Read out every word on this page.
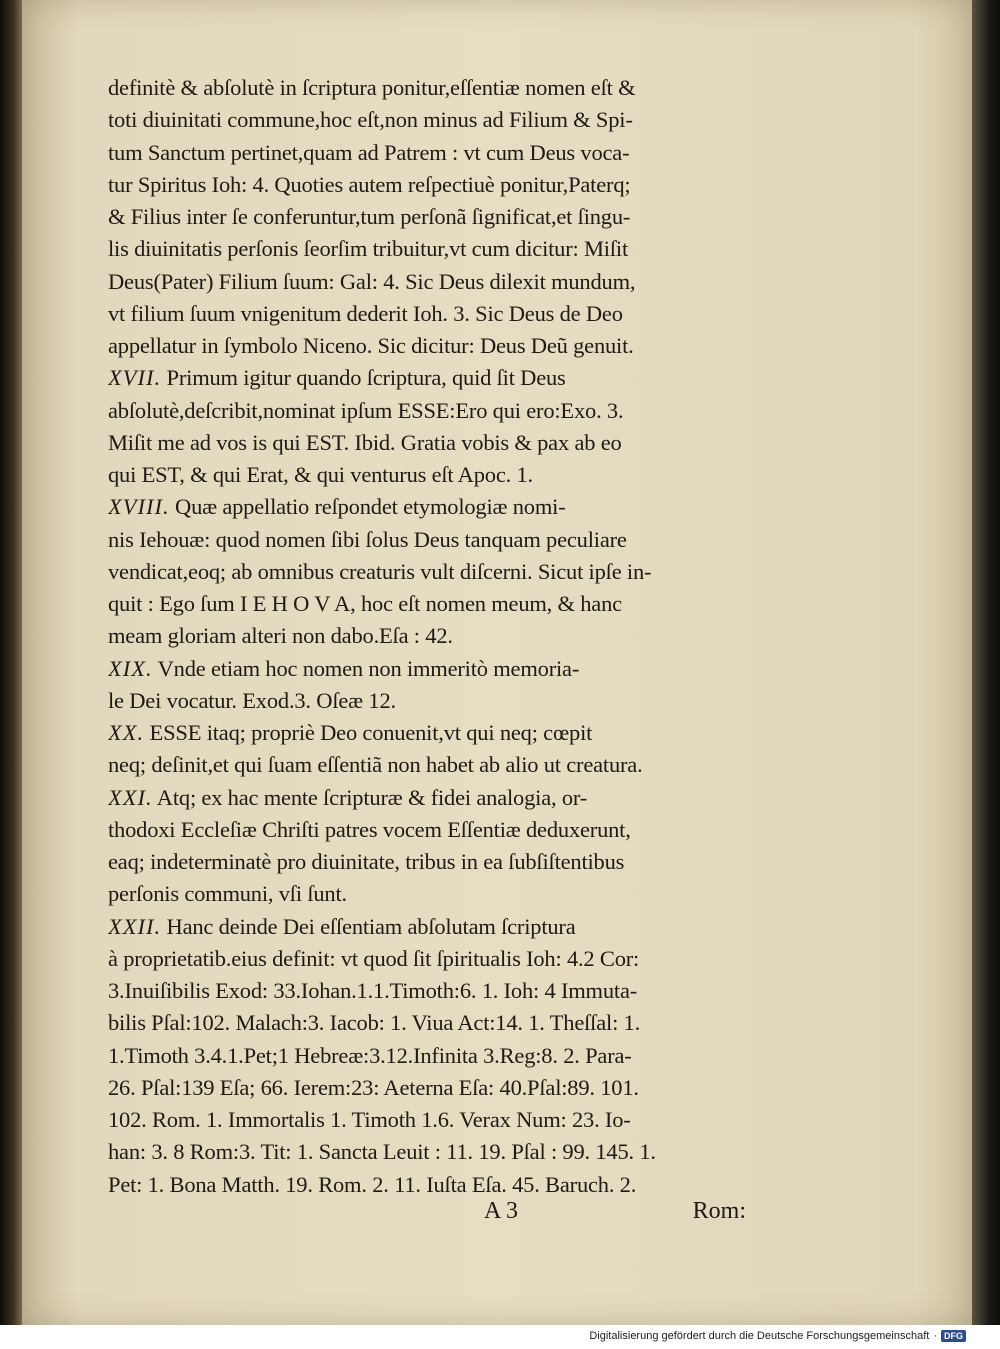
definitè & abſolutè in ſcriptura ponitur,eſſentiæ nomen eſt &
toti diuinitati commune,hoc eſt,non minus ad Filium & Spi-
tum Sanctum pertinet,quam ad Patrem : vt cum Deus voca-
tur Spiritus Ioh: 4. Quoties autem reſpectiuè ponitur,Paterq;
& Filius inter ſe conferuntur,tum perſonã ſignificat,et ſingu-
lis diuinitatis perſonis ſeorſim tribuitur,vt cum dicitur: Miſit
Deus(Pater) Filium ſuum: Gal: 4. Sic Deus dilexit mundum,
vt filium ſuum vnigenitum dederit Ioh. 3. Sic Deus de Deo
appellatur in ſymbolo Niceno. Sic dicitur: Deus Deũ genuit.
XVII. Primum igitur quando ſcriptura, quid ſit Deus
abſolutè,deſcribit,nominat ipſum ESSE:Ero qui ero:Exo. 3.
Miſit me ad vos is qui EST. Ibid. Gratia vobis & pax ab eo
qui EST, & qui Erat, & qui venturus eſt Apoc. 1.
XVIII. Quæ appellatio reſpondet etymologiæ nomi-
nis Iehouæ: quod nomen ſibi ſolus Deus tanquam peculiare
vendicat,eoq; ab omnibus creaturis vult diſcerni. Sicut ipſe in-
quit : Ego ſum I E H O V A, hoc eſt nomen meum, & hanc
meam gloriam alteri non dabo.Eſa : 42.
XIX. Vnde etiam hoc nomen non immeritò memoria-
le Dei vocatur. Exod.3. Oſeæ 12.
XX. ESSE itaq; propriè Deo conuenit,vt qui neq; cœpit
neq; deſinit,et qui ſuam eſſentiã non habet ab alio ut creatura.
XXI. Atq; ex hac mente ſcripturæ & fidei analogia, or-
thodoxi Eccleſiæ Chriſti patres vocem Eſſentiæ deduxerunt,
eaq; indeterminatè pro diuinitate, tribus in ea ſubſiſtentibus
perſonis communi, vſi ſunt.
XXII. Hanc deinde Dei eſſentiam abſolutam ſcriptura
à proprietatib.eius definit: vt quod ſit ſpiritualis Ioh: 4.2 Cor:
3.Inuiſibilis Exod: 33.Iohan.1.1.Timoth:6. 1. Ioh: 4 Immuta-
bilis Pſal:102. Malach:3. Iacob: 1. Viua Act:14. 1. Theſſal: 1.
1.Timoth 3.4.1.Pet;1 Hebreæ:3.12.Infinita 3.Reg:8. 2. Para-
26. Pſal:139 Eſa; 66. Ierem:23: Aeterna Eſa: 40.Pſal:89. 101.
102. Rom. 1. Immortalis 1. Timoth 1.6. Verax Num: 23. Io-
han: 3. 8 Rom:3. Tit: 1. Sancta Leuit : 11. 19. Pſal : 99. 145. 1.
Pet: 1. Bona Matth. 19. Rom. 2. 11. Iuſta Eſa. 45. Baruch. 2.
A 3	Rom:
Digitalisierung gefördert durch die Deutsche Forschungsgemeinschaft · DFG
